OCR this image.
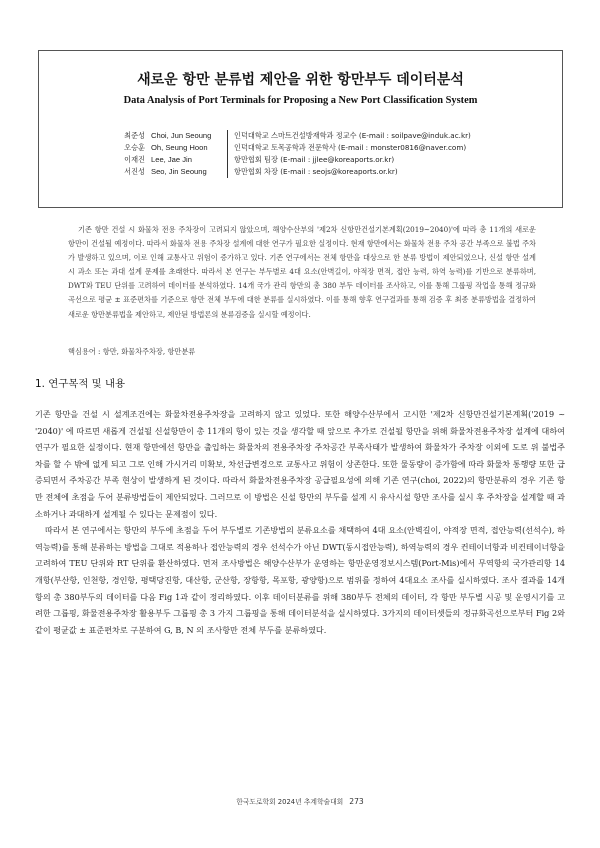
새로운 항만 분류법 제안을 위한 항만부두 데이터분석
Data Analysis of Port Terminals for Proposing a New Port Classification System
최준성 Choi, Jun Seoung	인덕대학교 스마트건설방재학과 정교수 (E-mail : soilpave@induk.ac.kr)
오승훈 Oh, Seung Hoon	인덕대학교 토목공학과 전문학사 (E-mail : monster0816@naver.com)
이재진 Lee, Jae Jin	항만협회 팀장 (E-mail : jjlee@koreaports.or.kr)
서진성 Seo, Jin Seoung	항만협회 차장 (E-mail : seojs@koreaports.or.kr)
기존 항만 건설 시 화물차 전용 주차장이 고려되지 않았으며, 해양수산부의 '제2차 신항만건설기본계획(2019~2040)'에 따라 총 11개의 새로운 항만이 건설될 예정이다. 따라서 화물차 전용 주차장 설계에 대한 연구가 필요한 실정이다. 현재 항만에서는 화물차 전용 주차 공간 부족으로 불법 주차가 발생하고 있으며, 이로 인해 교통사고 위험이 증가하고 있다. 기존 연구에서는 전체 항만을 대상으로 한 분류 방법이 제안되었으나, 신설 항만 설계 시 과소 또는 과대 설계 문제를 초래한다. 따라서 본 연구는 부두별로 4대 요소(안벽길이, 야적장 면적, 접안 능력, 하역 능력)를 기반으로 분류하며, DWT와 TEU 단위를 고려하여 데이터를 분석하였다. 14개 국가 관리 항만의 총 380 부두 데이터를 조사하고, 이를 통해 그룹핑 작업을 통해 정규화 곡선으로 평균 ± 표준편차를 기준으로 항만 전체 부두에 대한 분류를 실시하였다. 이를 통해 향후 연구결과를 통해 검증 후 최종 분류방법을 결정하여 새로운 항만분류법을 제안하고, 제안된 방법론의 분류검증을 실시할 예정이다.
핵심용어 : 항만, 화물차주차장, 항만분류
1. 연구목적 및 내용

기존 항만을 건설 시 설계조건에는 화물차전용주차장을 고려하지 않고 있었다. 또한 해양수산부에서 고시한 '제2차 신항만건설기본계획('2019 ~ '2040)' 에 따르면 새롭게 건설될 신설항만이 총 11개의 항이 있는 것을 생각할 때 앞으로 추가로 건설될 항만을 위해 화물차전용주차장 설계에 대하여 연구가 필요한 실정이다. 현재 항만에선 항만을 출입하는 화물차의 전용주차장 주차공간 부족사태가 발생하여 화물차가 주차장 이외에 도로 위 불법주차를 할 수 밖에 없게 되고 그로 인해 가시거리 미확보, 차선급변경으로 교통사고 위험이 상존한다. 또한 물동량이 증가함에 따라 화물차 통행량 또한 급증되면서 주차공간 부족 현상이 발생하게 된 것이다. 따라서 화물차전용주차장 공급필요성에 의해 기존 연구(choi, 2022)의 항만분류의 경우 기존 항만 전체에 초점을 두어 분류방법들이 제안되었다. 그러므로 이 방법은 신설 항만의 부두를 설계 시 유사시설 항만 조사를 실시 후 주차장을 설계할 때 과소하거나 과대하게 설계될 수 있다는 문제점이 있다.

따라서 본 연구에서는 항만의 부두에 초점을 두어 부두별로 기존방법의 분류요소를 채택하여 4대 요소(안벽길이, 야적장 면적, 접안능력(선석수), 하역능력)를 통해 분류하는 방법을 그대로 적용하나 접안능력의 경우 선석수가 아닌 DWT(동시접안능력), 하역능력의 경우 컨테이너항과 비컨테이너항을 고려하여 TEU 단위와 RT 단위를 환산하였다. 먼저 조사방법은 해양수산부가 운영하는 항만운영정보시스템(Port-Mis)에서 무역항의 국가관리항 14개항(부산항, 인천항, 경인항, 평택당진항, 대산항, 군산항, 장항항, 목포항, 광양항)으로 범위를 정하여 4대요소 조사를 실시하였다. 조사 결과를 14개항의 총 380부두의 데이터를 다음 Fig 1과 같이 정리하였다. 이후 데이터분류를 위해 380부두 전체의 데이터, 각 항만 부두별 시공 및 운영시기를 고려한 그룹핑, 화물전용주차장 활용부두 그룹핑 총 3 가지 그룹핑을 통해 데이터분석을 실시하였다. 3가지의 데이터셋들의 정규화곡선으로부터 Fig 2와 같이 평균값 ± 표준편차로 구분하여 G, B, N 의 조사항만 전체 부두를 분류하였다.

한국도로학회 2024년 추계학술대회 273
